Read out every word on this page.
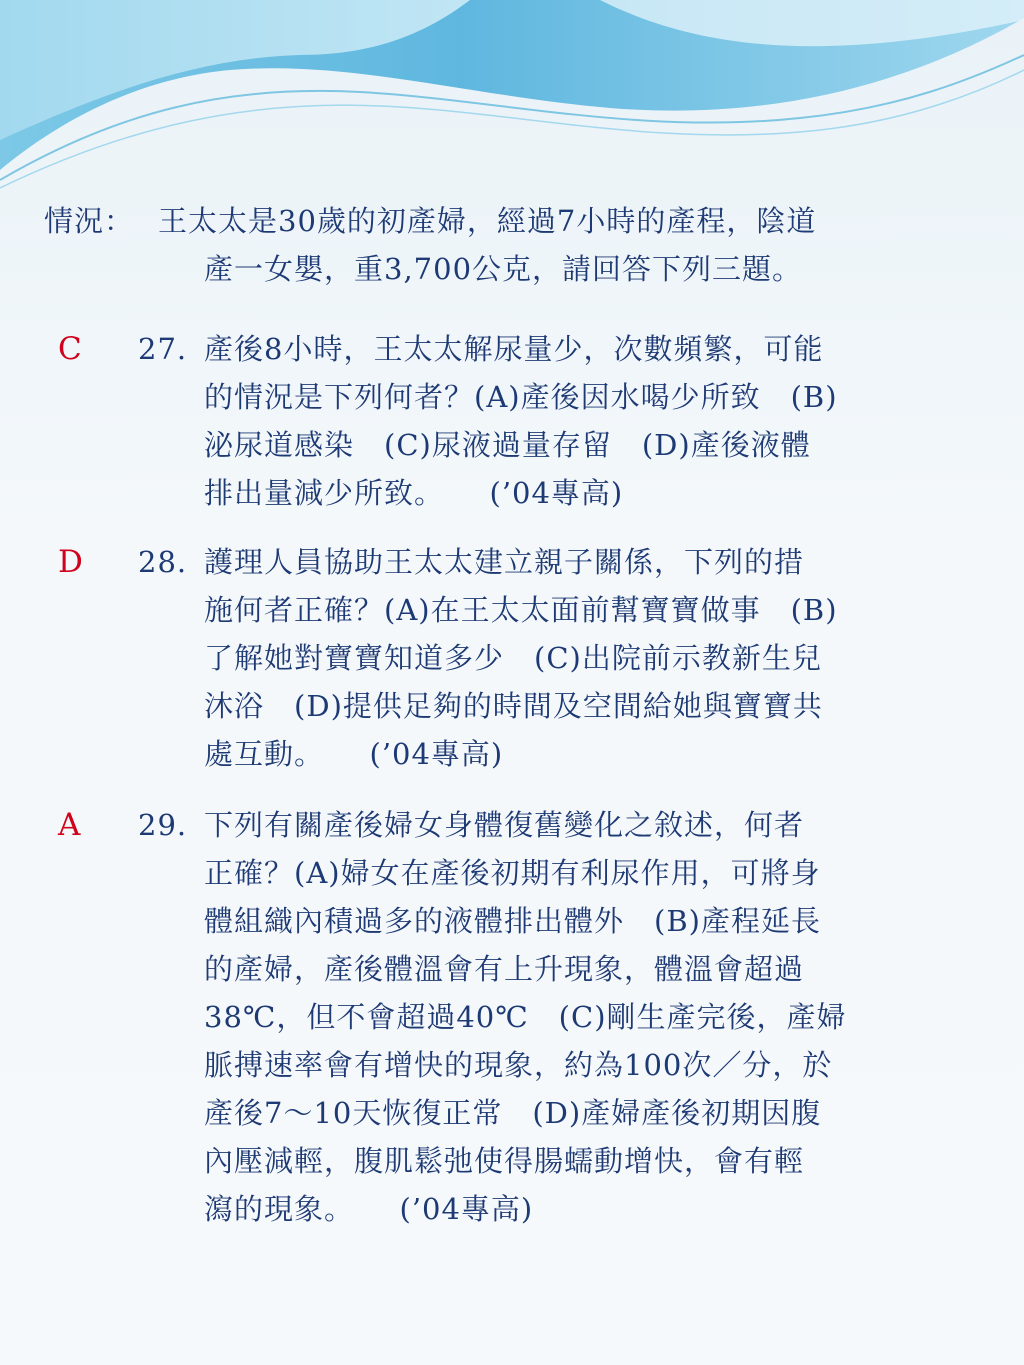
情況： 王太太是30歲的初產婦，經過7小時的產程，陰道
產一女嬰，重3,700公克，請回答下列三題。
C 27. 產後8小時，王太太解尿量少，次數頻繁，可能
的情況是下列何者？(A)產後因水喝少所致　(B)
泌尿道感染　(C)尿液過量存留　(D)產後液體
排出量減少所致。　　(’04專高)
D 28. 護理人員協助王太太建立親子關係，下列的措
施何者正確？(A)在王太太面前幫寶寶做事　(B)
了解她對寶寶知道多少　(C)出院前示教新生兒
沐浴　(D)提供足夠的時間及空間給她與寶寶共
處互動。　　(’04專高)
A 29. 下列有關產後婦女身體復舊變化之敘述，何者
正確？(A)婦女在產後初期有利尿作用，可將身
體組織內積過多的液體排出體外　(B)產程延長
的產婦，產後體溫會有上升現象，體溫會超過
38℃，但不會超過40℃　(C)剛生產完後，產婦
脈搏速率會有增快的現象，約為100次／分，於
產後7～10天恢復正常　(D)產婦產後初期因腹
內壓減輕，腹肌鬆弛使得腸蠕動增快，會有輕
瀉的現象。　　(’04專高)
